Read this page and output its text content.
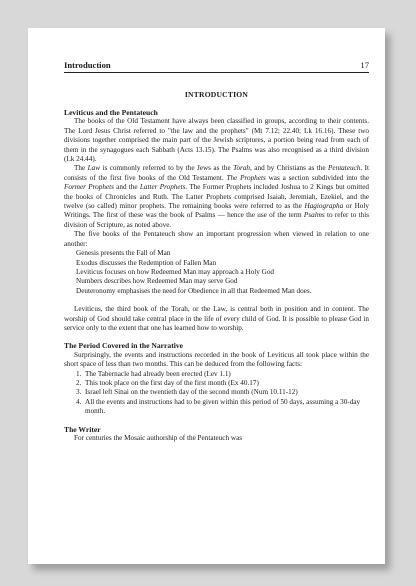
Introduction	17
INTRODUCTION
Leviticus and the Pentateuch

The books of the Old Testament have always been classified in groups, according to their contents. The Lord Jesus Christ referred to "the law and the prophets" (Mt 7.12; 22.40; Lk 16.16). These two divisions together comprised the main part of the Jewish scriptures, a portion being read from each of them in the synagogues each Sabbath (Acts 13.15). The Psalms was also recognised as a third division (Lk 24.44).

The Law is commonly referred to by the Jews as the Torah, and by Christians as the Pentateuch. It consists of the first five books of the Old Testament. The Prophets was a section subdivided into the Former Prophets and the Latter Prophets. The Former Prophets included Joshua to 2 Kings but omitted the books of Chronicles and Ruth. The Latter Prophets comprised Isaiah, Jeremiah, Ezekiel, and the twelve (so called) minor prophets. The remaining books were referred to as the Hagiographa or Holy Writings. The first of these was the book of Psalms — hence the use of the term Psalms to refer to this division of Scripture, as noted above.

The five books of the Pentateuch show an important progression when viewed in relation to one another:

Genesis presents the Fall of Man
Exodus discusses the Redemption of Fallen Man
Leviticus focuses on how Redeemed Man may approach a Holy God
Numbers describes how Redeemed Man may serve God
Deuteronomy emphasises the need for Obedience in all that Redeemed Man does.

Leviticus, the third book of the Torah, or the Law, is central both in position and in content. The worship of God should take central place in the life of every child of God. It is possible to please God in service only to the extent that one has learned how to worship.

The Period Covered in the Narrative

Surprisingly, the events and instructions recorded in the book of Leviticus all took place within the short space of less than two months. This can be deduced from the following facts:

1. The Tabernacle had already been erected (Lev 1.1)
2. This took place on the first day of the first month (Ex 40.17)
3. Israel left Sinai on the twentieth day of the second month (Num 10.11-12)
4. All the events and instructions had to be given within this period of 50 days, assuming a 30-day month.
The Writer

For centuries the Mosaic authorship of the Pentateuch was
